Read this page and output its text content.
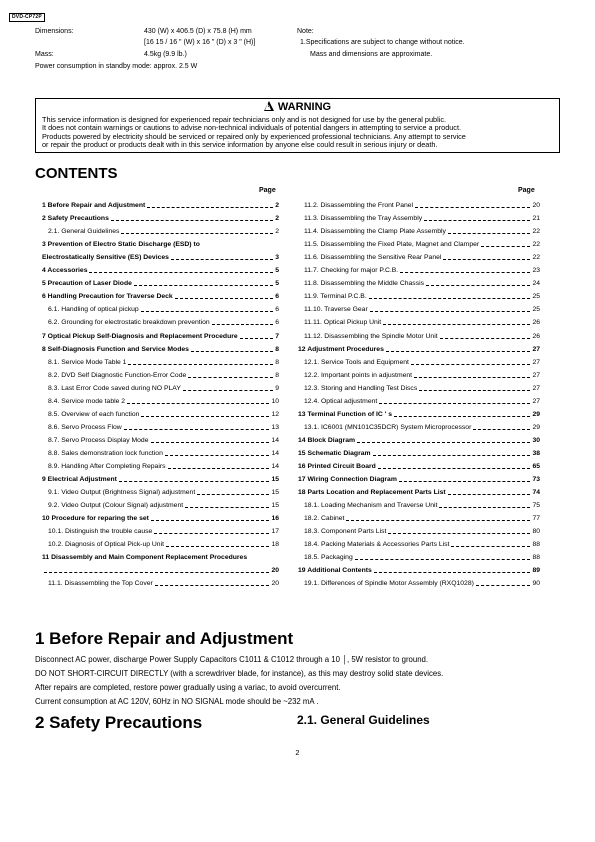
DVD-CP72P
Dimensions:	430 (W) x 406.5 (D) x 75.8 (H) mm
[16 15 / 16 " (W) x 16 " (D) x 3 " (H)]
Mass:	4.5kg (9.9 lb.)
Power consumption in standby mode: approx. 2.5 W
Note:
1.Specifications are subject to change without notice.
Mass and dimensions are approximate.
!WARNING
This service information is designed for experienced repair technicians only and is not designed for use by the general public.
It does not contain warnings or cautions to advise non-technical individuals of potential dangers in attempting to service a product.
Products powered by electricity should be serviced or repaired only by experienced professional technicians. Any attempt to service
or repair the product or products dealt with in this service information by anyone else could result in serious injury or death.
CONTENTS
Page	Page
1 Before Repair and Adjustment	2
2 Safety Precautions	2
2.1. General Guidelines	2
3 Prevention of Electro Static Discharge (ESD) to
Electrostatically Sensitive (ES) Devices	3
4 Accessories	5
5 Precaution of Laser Diode	5
6 Handling Precaution for Traverse Deck	6
6.1. Handling of optical pickup	6
6.2. Grounding for electrostatic breakdown prevention	6
7 Optical Pickup Self-Diagnosis and Replacement Procedure	7
8 Self-Diagnosis Function and Service Modes	8
8.1. Service Mode Table 1	8
8.2. DVD Self Diagnostic Function-Error Code	8
8.3. Last Error Code saved during NO PLAY	9
8.4. Service mode table 2	10
8.5. Overview of each function	12
8.6. Servo Process Flow	13
8.7. Servo Process Display Mode	14
8.8. Sales demonstration lock function	14
8.9. Handling After Completing Repairs	14
9 Electrical Adjustment	15
9.1. Video Output (Brightness Signal) adjustment	15
9.2. Video Output (Colour Signal) adjustment	15
10 Procedure for reparing the set	16
10.1. Distinguish the trouble cause	17
10.2. Diagnosis of Optical Pick-up Unit	18
11 Disassembly and Main Component Replacement Procedures
20
11.1. Disassembling the Top Cover	20
11.2. Disassembling the Front Panel	20
11.3. Disassembling the Tray Assembly	21
11.4. Disassembling the Clamp Plate Assembly	22
11.5. Disassembling the Fixed Plate, Magnet and Clamper	22
11.6. Disassembling the Sensitive Rear Panel	22
11.7. Checking for major P.C.B.	23
11.8. Disassembling the Middle Chassis	24
11.9. Terminal P.C.B.	25
11.10. Traverse Gear	25
11.11. Optical Pickup Unit	26
11.12. Disassembling the Spindle Motor Unit	26
12 Adjustment Procedures	27
12.1. Service Tools and Equipment	27
12.2. Important points in adjustment	27
12.3. Storing and Handling Test Discs	27
12.4. Optical adjustment	27
13 Terminal Function of IC ' s	29
13.1. IC6001 (MN101C35DCR) System Microprocessor	29
14 Block Diagram	30
15 Schematic Diagram	38
16 Printed Circuit Board	65
17 Wiring Connection Diagram	73
18 Parts Location and Replacement Parts List	74
18.1. Loading Mechanism and Traverse Unit	75
18.2. Cabinet	77
18.3. Component Parts List	80
18.4. Packing Materials & Accessories Parts List	88
18.5. Packaging	88
19 Additional Contents	89
19.1. Differences of Spindle Motor Assembly (RXQ1028)	90
1 Before Repair and Adjustment
Disconnect AC power, discharge Power Supply Capacitors C1011 & C1012 through a 10 │, 5W resistor to ground.
DO NOT SHORT-CIRCUIT DIRECTLY (with a screwdriver blade, for instance), as this may destroy solid state devices.
After repairs are completed, restore power gradually using a variac, to avoid overcurrent.
Current consumption at AC 120V, 60Hz in NO SIGNAL mode should be ~232 mA .
2 Safety Precautions	2.1. General Guidelines
2
